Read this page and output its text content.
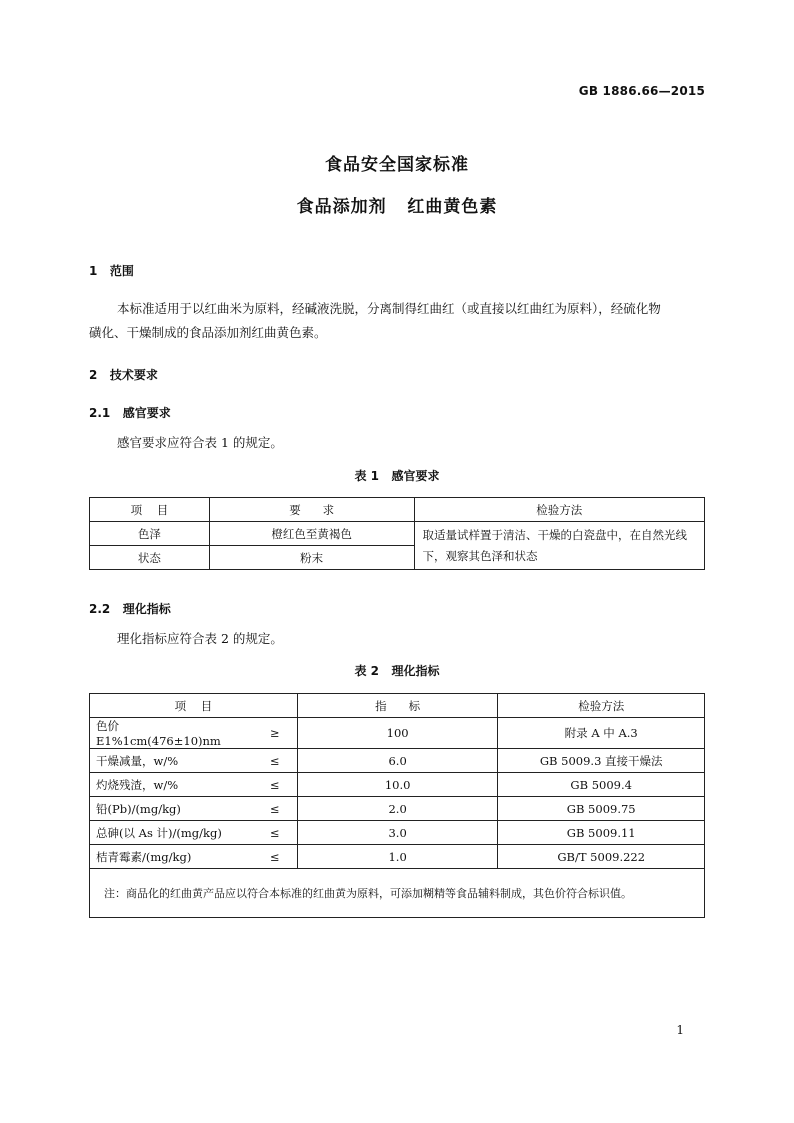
GB 1886.66—2015
食品安全国家标准
食品添加剂   红曲黄色素
1   范围
本标准适用于以红曲米为原料，经碱液洗脱，分离制得红曲红（或直接以红曲红为原料），经硫化物
磺化、干燥制成的食品添加剂红曲黄色素。
2   技术要求
2.1   感官要求
感官要求应符合表 1 的规定。
表 1   感官要求
项    目	要      求	检验方法
色泽	橙红色至黄褐色	取适量试样置于清洁、干燥的白瓷盘中，在自然光线下，观察其色泽和状态
状态	粉末	
2.2   理化指标
理化指标应符合表 2 的规定。
表 2   理化指标
项    目		指      标	检验方法
色价 E1%1cm(476±10)nm	≥	100	附录 A 中 A.3
干燥减量，w/%	≤	6.0	GB 5009.3 直接干燥法
灼烧残渣，w/%	≤	10.0	GB 5009.4
铅(Pb)/(mg/kg)	≤	2.0	GB 5009.75
总砷(以 As 计)/(mg/kg)	≤	3.0	GB 5009.11
桔青霉素/(mg/kg)	≤	1.0	GB/T 5009.222
注：商品化的红曲黄产品应以符合本标准的红曲黄为原料，可添加糊精等食品辅料制成，其色价符合标识值。			
1
